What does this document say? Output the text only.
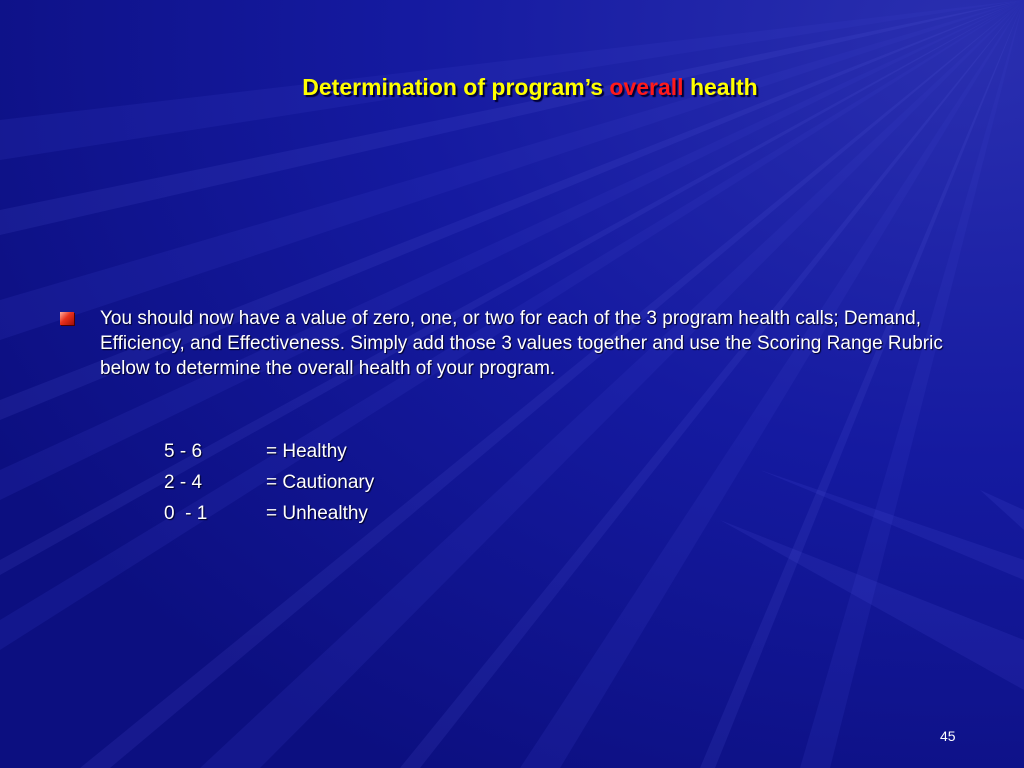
Determination of program’s overall health
You should now have a value of zero, one, or two for each of the 3 program health calls; Demand, Efficiency, and Effectiveness. Simply add those 3 values together and use the Scoring Range Rubric below to determine the overall health of your program.
5 - 6	= Healthy
2 - 4	= Cautionary
0  - 1	= Unhealthy
45
